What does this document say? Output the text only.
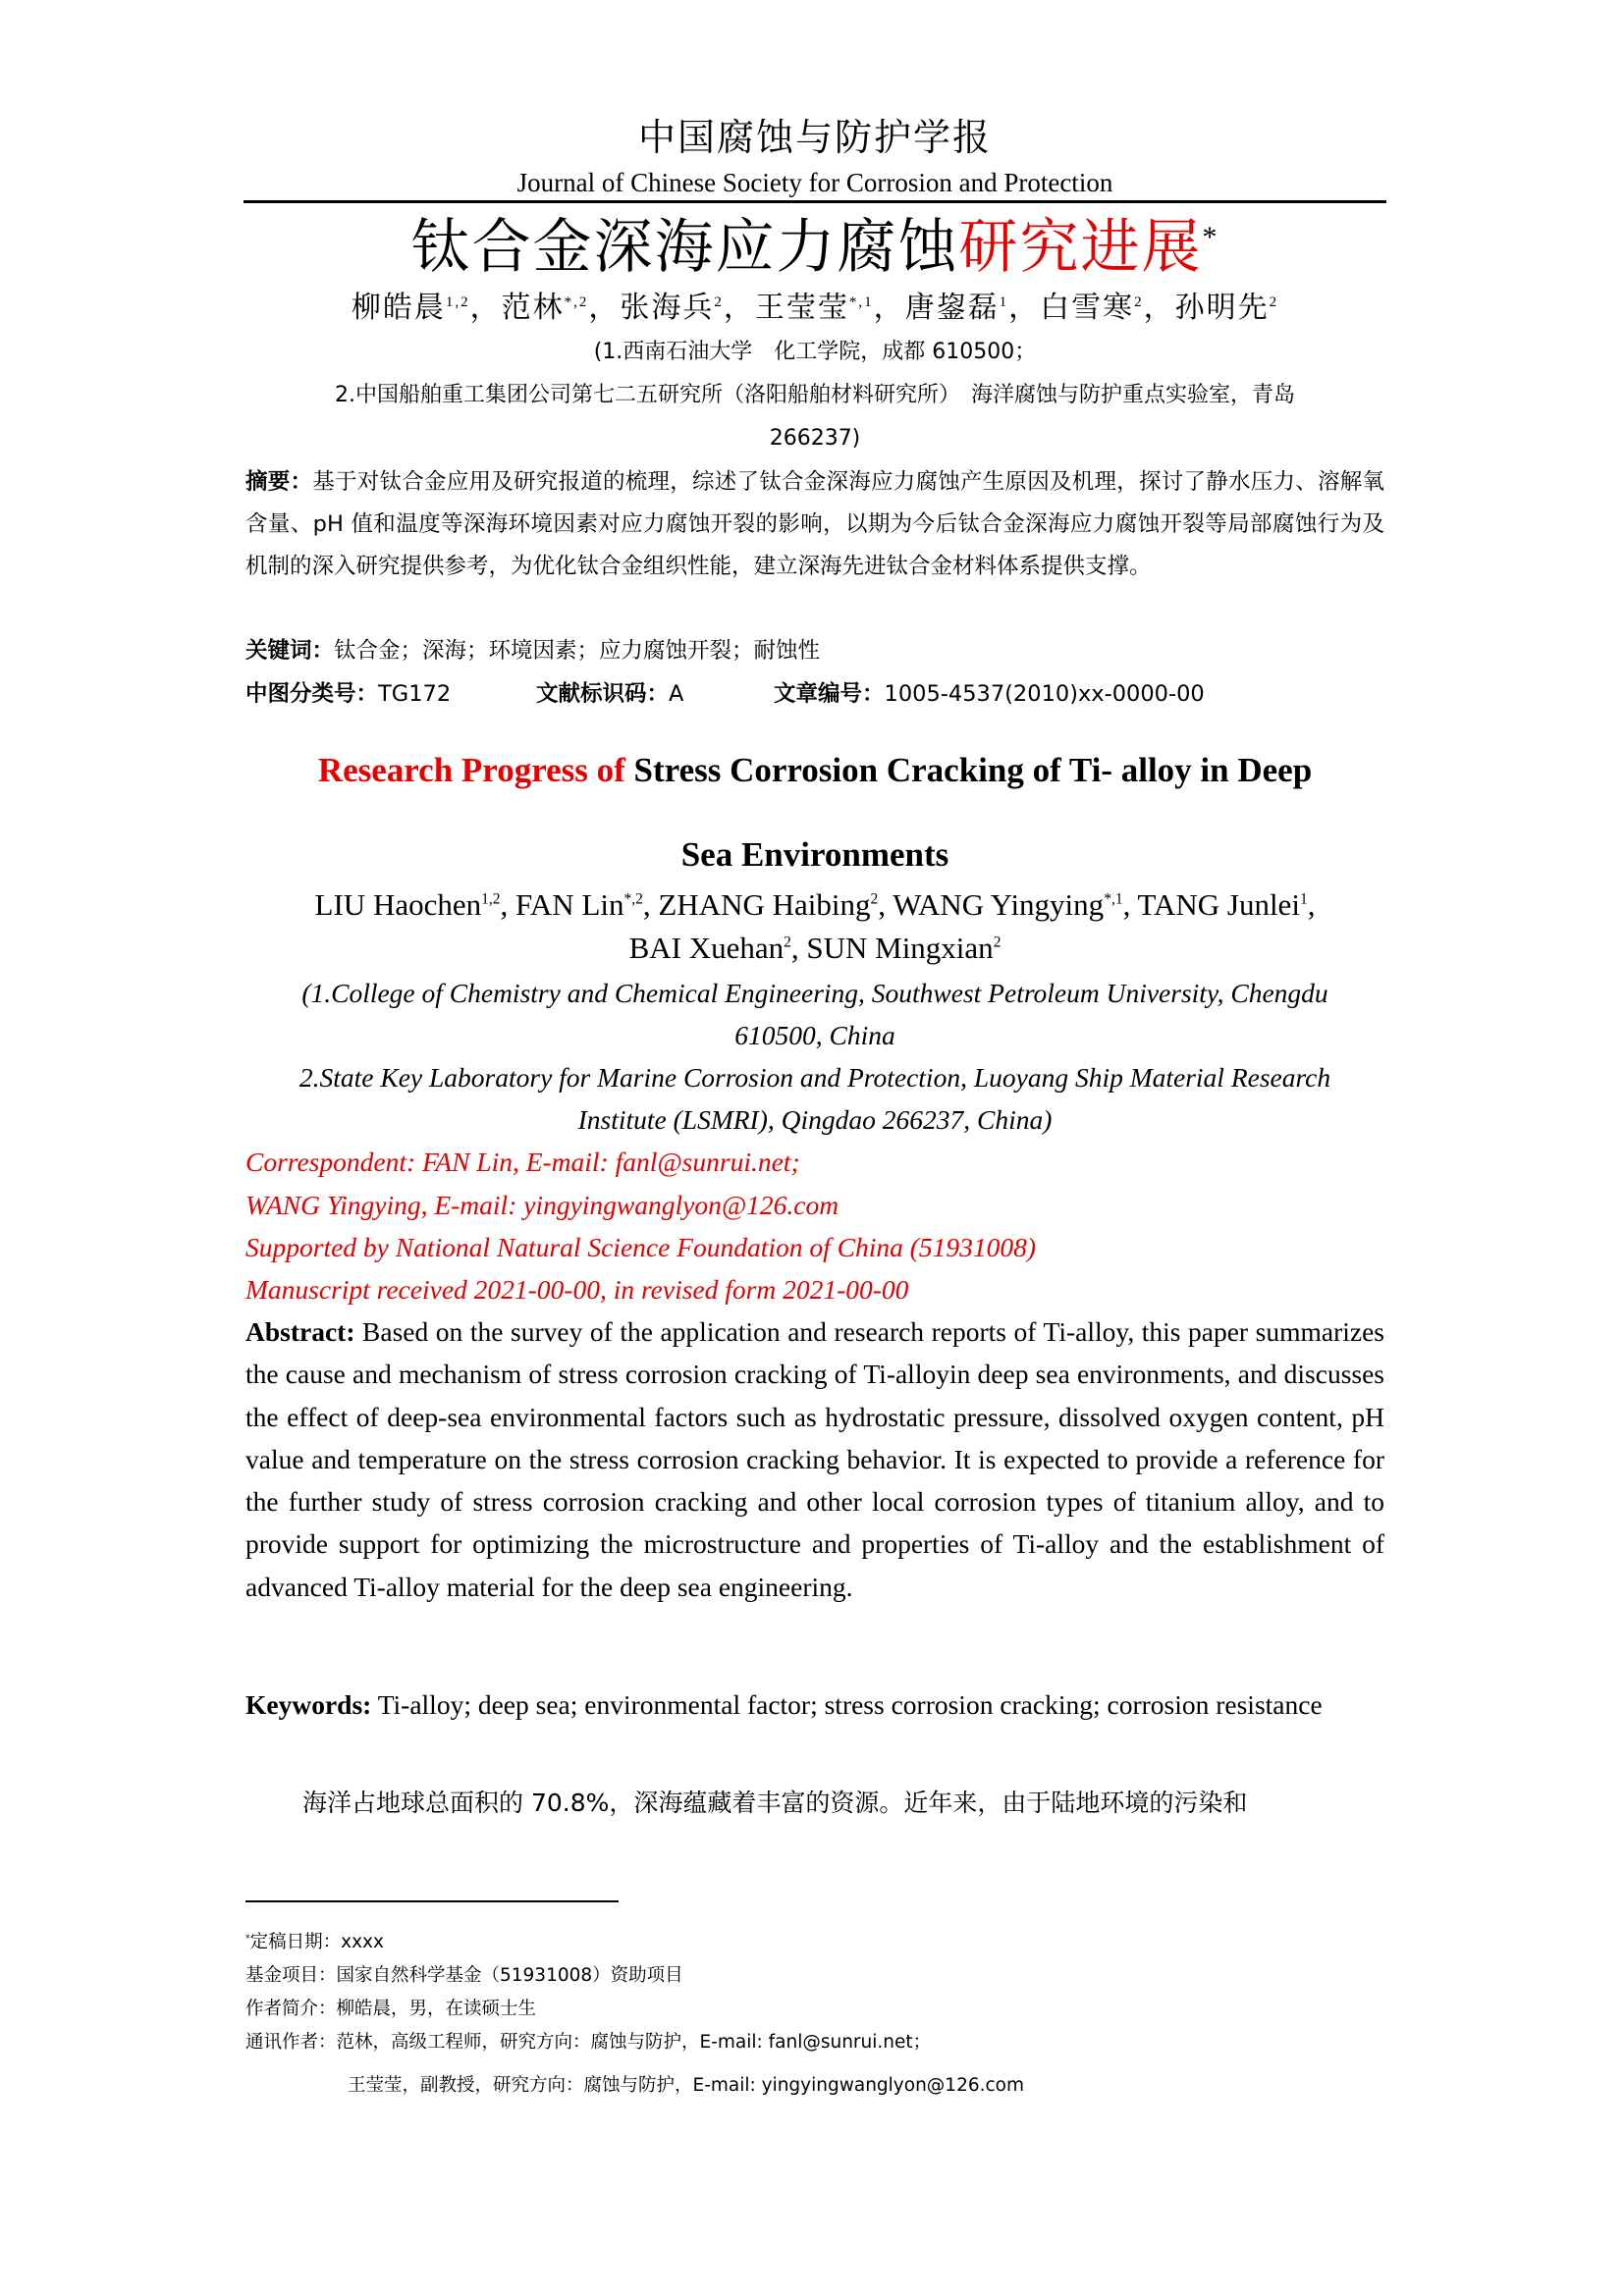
中国腐蚀与防护学报
Journal of Chinese Society for Corrosion and Protection
钛合金深海应力腐蚀研究进展*
柳皓晨$^{1,2}$，范林$^{*,2}$，张海兵$^2$，王莹莹$^{*,1}$，唐鋆磊$^1$，白雪寒$^2$，孙明先$^2$
(1.西南石油大学　化工学院，成都 610500；
2.中国船舶重工集团公司第七二五研究所（洛阳船舶材料研究所）　海洋腐蚀与防护重点实验室，青岛
266237)
摘要：基于对钛合金应用及研究报道的梳理，综述了钛合金深海应力腐蚀产生原因及机理，探讨了静水压力、溶解氧含量、pH 值和温度等深海环境因素对应力腐蚀开裂的影响，以期为今后钛合金深海应力腐蚀开裂等局部腐蚀行为及机制的深入研究提供参考，为优化钛合金组织性能，建立深海先进钛合金材料体系提供支撑。
关键词：钛合金；深海；环境因素；应力腐蚀开裂；耐蚀性
中图分类号：TG172	文献标识码：A	文章编号：1005-4537(2010)xx-0000-00
Research Progress of Stress Corrosion Cracking of Ti- alloy in Deep
Sea Environments
LIU Haochen$^{1,2}$, FAN Lin$^{*,2}$, ZHANG Haibing$^2$, WANG Yingying$^{*,1}$, TANG Junlei$^1$,
BAI Xuehan$^2$, SUN Mingxian$^2$
(1.College of Chemistry and Chemical Engineering, Southwest Petroleum University, Chengdu
610500, China
2.State Key Laboratory for Marine Corrosion and Protection, Luoyang Ship Material Research
Institute (LSMRI), Qingdao 266237, China)
Correspondent: FAN Lin, E-mail: fanl@sunrui.net;
WANG Yingying, E-mail: yingyingwanglyon@126.com
Supported by National Natural Science Foundation of China (51931008)
Manuscript received 2021-00-00, in revised form 2021-00-00
Abstract: Based on the survey of the application and research reports of Ti-alloy, this paper summarizes the cause and mechanism of stress corrosion cracking of Ti-alloyin deep sea environments, and discusses the effect of deep-sea environmental factors such as hydrostatic pressure, dissolved oxygen content, pH value and temperature on the stress corrosion cracking behavior. It is expected to provide a reference for the further study of stress corrosion cracking and other local corrosion types of titanium alloy, and to provide support for optimizing the microstructure and properties of Ti-alloy and the establishment of advanced Ti-alloy material for the deep sea engineering.
Keywords: Ti-alloy; deep sea; environmental factor; stress corrosion cracking; corrosion resistance
海洋占地球总面积的 70.8%，深海蕴藏着丰富的资源。近年来，由于陆地环境的污染和
*定稿日期：xxxx
基金项目：国家自然科学基金（51931008）资助项目
作者简介：柳皓晨，男，在读硕士生
通讯作者：范林，高级工程师，研究方向：腐蚀与防护，E-mail: fanl@sunrui.net；
王莹莹，副教授，研究方向：腐蚀与防护，E-mail: yingyingwanglyon@126.com
